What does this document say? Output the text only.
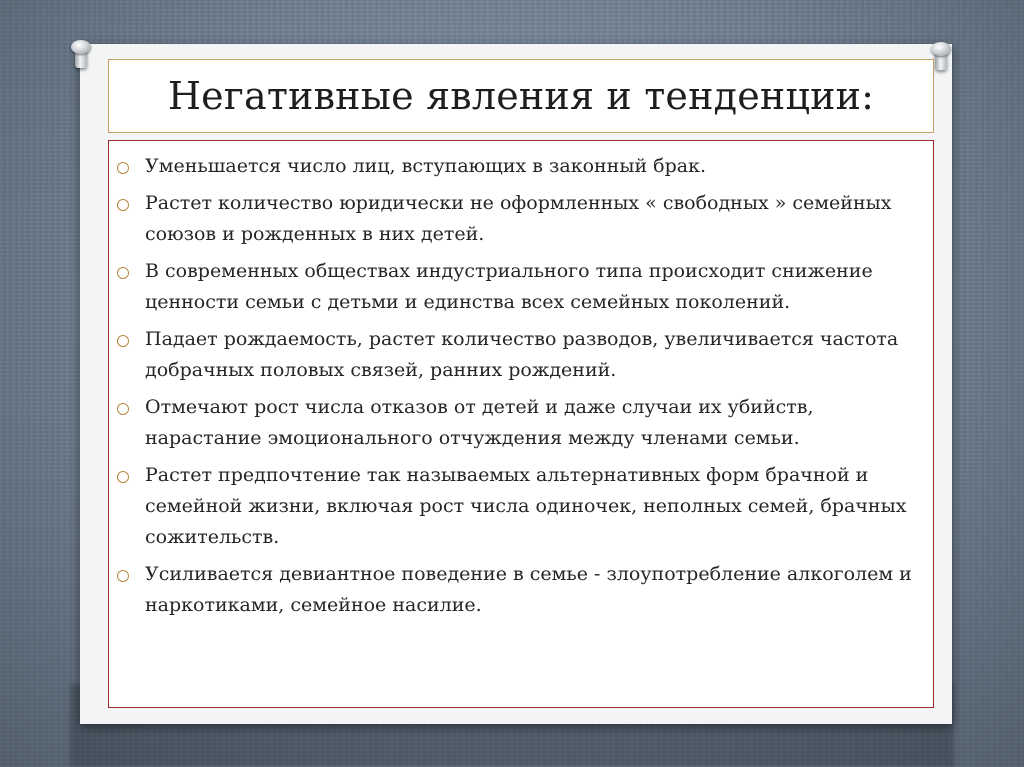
Негативные явления и тенденции:
Уменьшается число лиц, вступающих в законный брак.
Растет количество юридически не оформленных « свободных » семейных союзов и рожденных в них детей.
В современных обществах индустриального типа происходит снижение ценности семьи с детьми и единства всех семейных поколений.
Падает рождаемость, растет количество разводов, увеличивается частота добрачных половых связей, ранних рождений.
Отмечают рост числа отказов от детей и даже случаи их убийств, нарастание эмоционального отчуждения между членами семьи.
Растет предпочтение так называемых альтернативных форм брачной и семейной жизни, включая рост числа одиночек, неполных семей, брачных сожительств.
Усиливается девиантное поведение в семье - злоупотребление алкоголем и наркотиками, семейное насилие.
